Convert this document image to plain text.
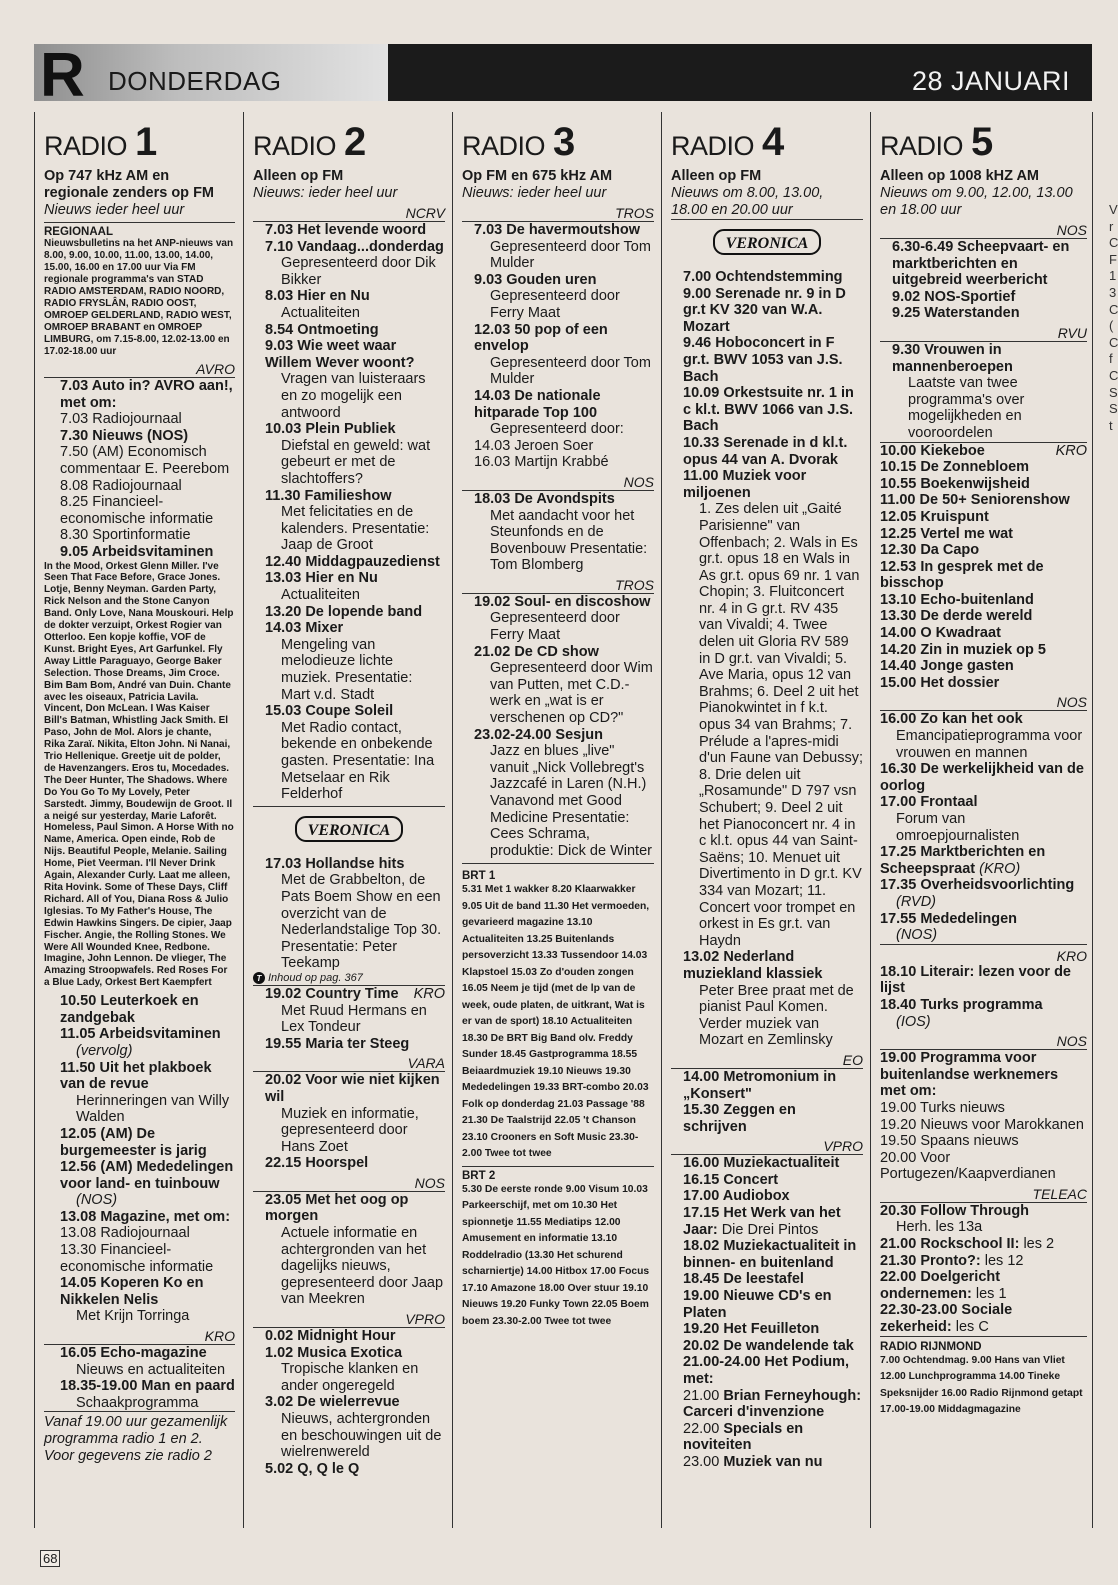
R DONDERDAG	28 JANUARI
RADIO 1
Op 747 kHz AM en regionale zenders op FM
Nieuws ieder heel uur
REGIONAAL
Nieuwsbulletins na het ANP-nieuws van 8.00, 9.00, 10.00, 11.00, 13.00, 14.00, 15.00, 16.00 en 17.00 uur Via FM regionale programma's van STAD RADIO AMSTERDAM, RADIO NOORD, RADIO FRYSLÂN, RADIO OOST, OMROEP GELDERLAND, RADIO WEST, OMROEP BRABANT en OMROEP LIMBURG, om 7.15-8.00, 12.02-13.00 en 17.02-18.00 uur
AVRO
7.03 Auto in? AVRO aan!, met om:
7.03 Radiojournaal
7.30 Nieuws (NOS)
7.50 (AM) Economisch commentaar E. Peerebom
8.08 Radiojournaal
8.25 Financieel-economische informatie
8.30 Sportinformatie
9.05 Arbeidsvitaminen
In the Mood, Orkest Glenn Miller. I've Seen That Face Before, Grace Jones. Lotje, Benny Neyman. Garden Party, Rick Nelson and the Stone Canyon Band. Only Love, Nana Mouskouri. Help de dokter verzuipt, Orkest Rogier van Otterloo. Een kopje koffie, VOF de Kunst. Bright Eyes, Art Garfunkel. Fly Away Little Paraguayo, George Baker Selection. Those Dreams, Jim Croce. Bim Bam Bom, André van Duin. Chante avec les oiseaux, Patricia Lavila. Vincent, Don McLean. I Was Kaiser Bill's Batman, Whistling Jack Smith. El Paso, John de Mol. Alors je chante, Rika Zaraï. Nikita, Elton John. Ni Nanai, Trio Hellenique. Greetje uit de polder, de Havenzangers. Eros tu, Mocedades. The Deer Hunter, The Shadows. Where Do You Go To My Lovely, Peter Sarstedt. Jimmy, Boudewijn de Groot. Il a neigé sur yesterday, Marie Laforêt. Homeless, Paul Simon. A Horse With no Name, America. Open einde, Rob de Nijs. Beautiful People, Melanie. Sailing Home, Piet Veerman. I'll Never Drink Again, Alexander Curly. Laat me alleen, Rita Hovink. Some of These Days, Cliff Richard. All of You, Diana Ross & Julio Iglesias. To My Father's House, The Edwin Hawkins Singers. De cipier, Jaap Fischer. Angie, the Rolling Stones. We Were All Wounded Knee, Redbone. Imagine, John Lennon. De vlieger, The Amazing Stroopwafels. Red Roses For a Blue Lady, Orkest Bert Kaempfert
10.50 Leuterkoek en zandgebak
11.05 Arbeidsvitaminen
(vervolg)
11.50 Uit het plakboek van de revue
Herinneringen van Willy Walden
12.05 (AM) De burgemeester is jarig
12.56 (AM) Mededelingen voor land- en tuinbouw
(NOS)
13.08 Magazine, met om:
13.08 Radiojournaal
13.30 Financieel-economische informatie
14.05 Koperen Ko en Nikkelen Nelis
Met Krijn Torringa
KRO
16.05 Echo-magazine
Nieuws en actualiteiten
18.35-19.00 Man en paard
Schaakprogramma
Vanaf 19.00 uur gezamenlijk programma radio 1 en 2. Voor gegevens zie radio 2
RADIO 2
Alleen op FM
Nieuws: ieder heel uur
NCRV
7.03 Het levende woord
7.10 Vandaag...donderdag
Gepresenteerd door Dik Bikker
8.03 Hier en Nu
Actualiteiten
8.54 Ontmoeting
9.03 Wie weet waar Willem Wever woont?
Vragen van luisteraars en zo mogelijk een antwoord
10.03 Plein Publiek
Diefstal en geweld: wat gebeurt er met de slachtoffers?
11.30 Familieshow
Met felicitaties en de kalenders. Presentatie: Jaap de Groot
12.40 Middagpauzedienst
13.03 Hier en Nu
Actualiteiten
13.20 De lopende band
14.03 Mixer
Mengeling van melodieuze lichte muziek. Presentatie: Mart v.d. Stadt
15.03 Coupe Soleil
Met Radio contact, bekende en onbekende gasten. Presentatie: Ina Metselaar en Rik Felderhof
VERONICA
17.03 Hollandse hits
Met de Grabbelton, de Pats Boem Show en een overzicht van de Nederlandstalige Top 30. Presentatie: Peter Teekamp
T Inhoud op pag. 367
19.02 Country Time KRO
Met Ruud Hermans en Lex Tondeur
19.55 Maria ter Steeg
VARA
20.02 Voor wie niet kijken wil
Muziek en informatie, gepresenteerd door Hans Zoet
22.15 Hoorspel
NOS
23.05 Met het oog op morgen
Actuele informatie en achtergronden van het dagelijks nieuws, gepresenteerd door Jaap van Meekren
VPRO
0.02 Midnight Hour
1.02 Musica Exotica
Tropische klanken en ander ongeregeld
3.02 De wielerrevue
Nieuws, achtergronden en beschouwingen uit de wielrenwereld
5.02 Q, Q le Q
RADIO 3
Op FM en 675 kHz AM
Nieuws: ieder heel uur
TROS
7.03 De havermoutshow
Gepresenteerd door Tom Mulder
9.03 Gouden uren
Gepresenteerd door Ferry Maat
12.03 50 pop of een envelop
Gepresenteerd door Tom Mulder
14.03 De nationale hitparade Top 100
Gepresenteerd door:
14.03 Jeroen Soer
16.03 Martijn Krabbé
NOS
18.03 De Avondspits
Met aandacht voor het Steunfonds en de Bovenbouw Presentatie: Tom Blomberg
TROS
19.02 Soul- en discoshow
Gepresenteerd door Ferry Maat
21.02 De CD show
Gepresenteerd door Wim van Putten, met C.D.-werk en „wat is er verschenen op CD?"
23.02-24.00 Sesjun
Jazz en blues „live" vanuit „Nick Vollebregt's Jazzcafé in Laren (N.H.) Vanavond met Good Medicine Presentatie: Cees Schrama, produktie: Dick de Winter
BRT 1
5.31 Met 1 wakker 8.20 Klaarwakker 9.05 Uit de band 11.30 Het vermoeden, gevarieerd magazine 13.10 Actualiteiten 13.25 Buitenlands persoverzicht 13.33 Tussendoor 14.03 Klapstoel 15.03 Zo d'ouden zongen 16.05 Neem je tijd (met de lp van de week, oude platen, de uitkrant, Wat is er van de sport) 18.10 Actualiteiten 18.30 De BRT Big Band olv. Freddy Sunder 18.45 Gastprogramma 18.55 Beiaardmuziek 19.10 Nieuws 19.30 Mededelingen 19.33 BRT-combo 20.03 Folk op donderdag 21.03 Passage '88 21.30 De Taalstrijd 22.05 't Chanson 23.10 Crooners en Soft Music 23.30-2.00 Twee tot twee
BRT 2
5.30 De eerste ronde 9.00 Visum 10.03 Parkeerschijf, met om 10.30 Het spionnetje 11.55 Mediatips 12.00 Amusement en informatie 13.10 Roddelradio (13.30 Het schurend scharniertje) 14.00 Hitbox 17.00 Focus 17.10 Amazone 18.00 Over stuur 19.10 Nieuws 19.20 Funky Town 22.05 Boem boem 23.30-2.00 Twee tot twee
RADIO 4
Alleen op FM
Nieuws om 8.00, 13.00, 18.00 en 20.00 uur
VERONICA
7.00 Ochtendstemming
9.00 Serenade nr. 9 in D gr.t KV 320 van W.A. Mozart
9.46 Hoboconcert in F gr.t. BWV 1053 van J.S. Bach
10.09 Orkestsuite nr. 1 in c kl.t. BWV 1066 van J.S. Bach
10.33 Serenade in d kl.t. opus 44 van A. Dvorak
11.00 Muziek voor miljoenen
1. Zes delen uit „Gaité Parisienne" van Offenbach; 2. Wals in Es gr.t. opus 18 en Wals in As gr.t. opus 69 nr. 1 van Chopin; 3. Fluitconcert nr. 4 in G gr.t. RV 435 van Vivaldi; 4. Twee delen uit Gloria RV 589 in D gr.t. van Vivaldi; 5. Ave Maria, opus 12 van Brahms; 6. Deel 2 uit het Pianokwintet in f k.t. opus 34 van Brahms; 7. Prélude a l'apres-midi d'un Faune van Debussy; 8. Drie delen uit „Rosamunde" D 797 vsn Schubert; 9. Deel 2 uit het Pianoconcert nr. 4 in c kl.t. opus 44 van Saint-Saëns; 10. Menuet uit Divertimento in D gr.t. KV 334 van Mozart; 11. Concert voor trompet en orkest in Es gr.t. van Haydn
13.02 Nederland muziekland klassiek
Peter Bree praat met de pianist Paul Komen. Verder muziek van Mozart en Zemlinsky
EO
14.00 Metromonium in „Konsert"
15.30 Zeggen en schrijven
VPRO
16.00 Muziekactualiteit
16.15 Concert
17.00 Audiobox
17.15 Het Werk van het Jaar: Die Drei Pintos
18.02 Muziekactualiteit in binnen- en buitenland
18.45 De leestafel
19.00 Nieuwe CD's en Platen
19.20 Het Feuilleton
20.02 De wandelende tak
21.00-24.00 Het Podium, met:
21.00 Brian Ferneyhough: Carceri d'invenzione
22.00 Specials en noviteiten
23.00 Muziek van nu
RADIO 5
Alleen op 1008 kHZ AM
Nieuws om 9.00, 12.00, 13.00 en 18.00 uur
NOS
6.30-6.49 Scheepvaart- en marktberichten en uitgebreid weerbericht
9.02 NOS-Sportief
9.25 Waterstanden
RVU
9.30 Vrouwen in mannenberoepen
Laatste van twee programma's over mogelijkheden en vooroordelen
10.00 Kiekeboe	KRO
10.15 De Zonnebloem
10.55 Boekenwijsheid
11.00 De 50+ Seniorenshow
12.05 Kruispunt
12.25 Vertel me wat
12.30 Da Capo
12.53 In gesprek met de bisschop
13.10 Echo-buitenland
13.30 De derde wereld
14.00 O Kwadraat
14.20 Zin in muziek op 5
14.40 Jonge gasten
15.00 Het dossier
NOS
16.00 Zo kan het ook
Emancipatieprogramma voor vrouwen en mannen
16.30 De werkelijkheid van de oorlog
17.00 Frontaal
Forum van omroepjournalisten
17.25 Marktberichten en Scheepspraat (KRO)
17.35 Overheidsvoorlichting
(RVD)
17.55 Mededelingen
(NOS)
KRO
18.10 Literair: lezen voor de lijst
18.40 Turks programma
(IOS)
NOS
19.00 Programma voor buitenlandse werknemers met om:
19.00 Turks nieuws
19.20 Nieuws voor Marokkanen
19.50 Spaans nieuws
20.00 Voor Portugezen/Kaapverdianen
TELEAC
20.30 Follow Through
Herh. les 13a
21.00 Rockschool II: les 2
21.30 Pronto?: les 12
22.00 Doelgericht ondernemen: les 1
22.30-23.00 Sociale zekerheid: les C
RADIO RIJNMOND
7.00 Ochtendmag. 9.00 Hans van Vliet 12.00 Lunchprogramma 14.00 Tineke Speksnijder 16.00 Radio Rijnmond getapt 17.00-19.00 Middagmagazine
V
r
C
F
1
3
C
(
C
f
C
S
S
t
68
